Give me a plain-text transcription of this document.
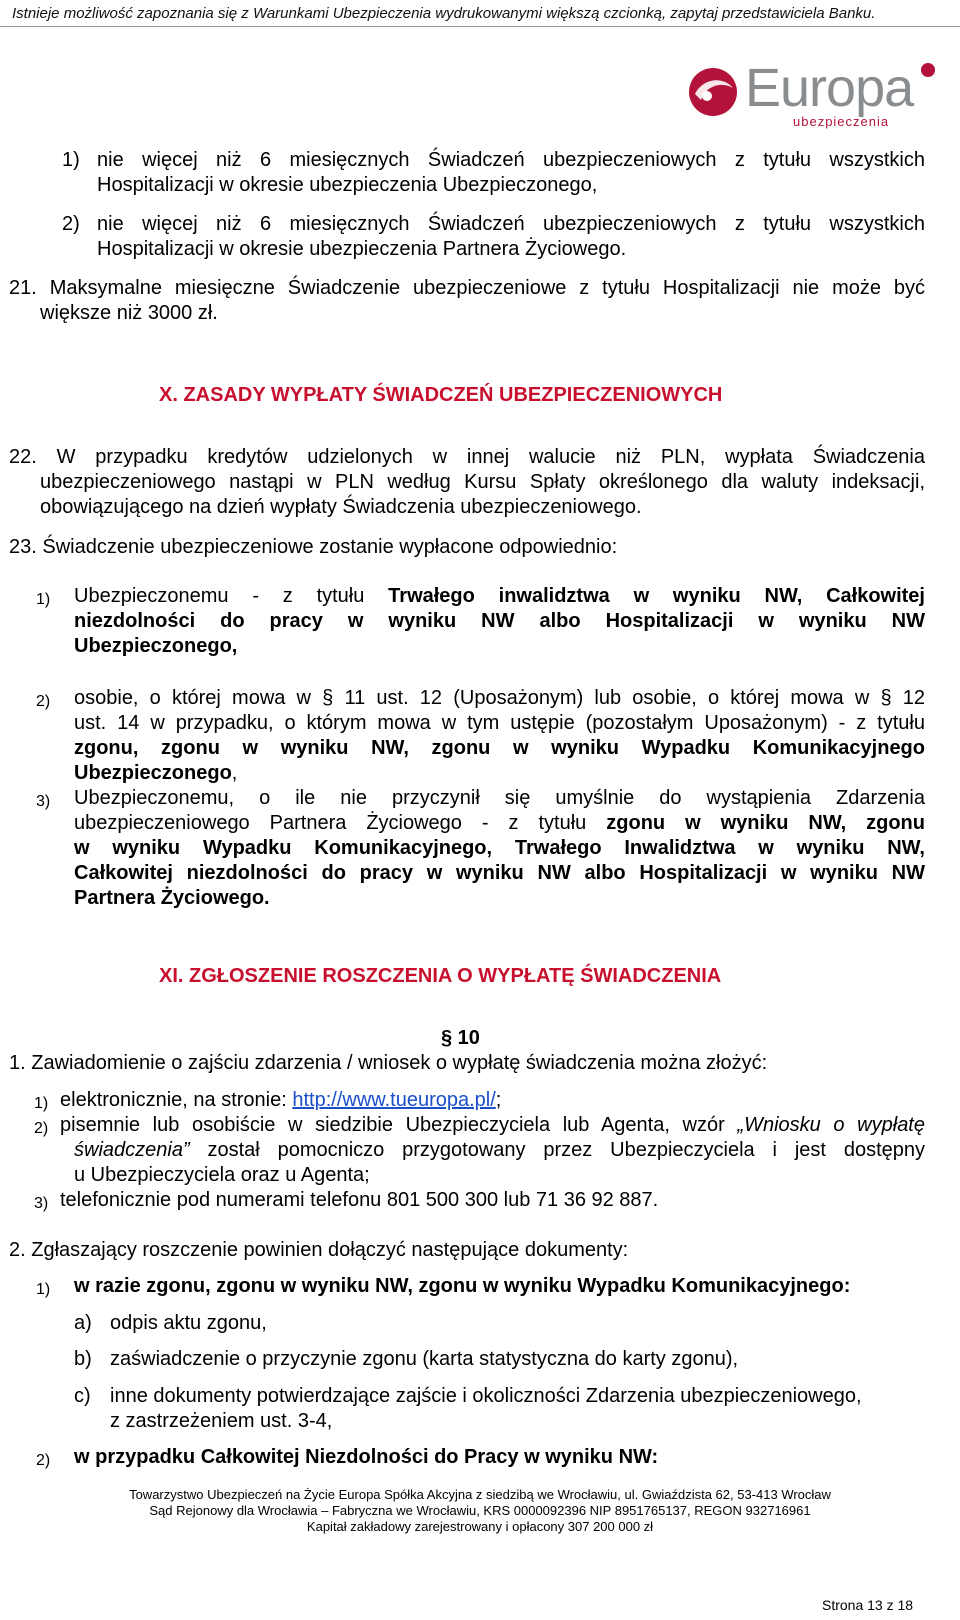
Istnieje możliwość zapoznania się z Warunkami Ubezpieczenia wydrukowanymi większą czcionką, zapytaj przedstawiciela Banku.
Europa
ubezpieczenia
1) nie więcej niż 6 miesięcznych Świadczeń ubezpieczeniowych z tytułu wszystkich
Hospitalizacji w okresie ubezpieczenia Ubezpieczonego,
2) nie więcej niż 6 miesięcznych Świadczeń ubezpieczeniowych z tytułu wszystkich
Hospitalizacji w okresie ubezpieczenia Partnera Życiowego.
21. Maksymalne miesięczne Świadczenie ubezpieczeniowe z tytułu Hospitalizacji nie może być
większe niż 3000 zł.
X. ZASADY WYPŁATY ŚWIADCZEŃ UBEZPIECZENIOWYCH
22. W przypadku kredytów udzielonych w innej walucie niż PLN, wypłata Świadczenia
ubezpieczeniowego nastąpi w PLN według Kursu Spłaty określonego dla waluty indeksacji,
obowiązującego na dzień wypłaty Świadczenia ubezpieczeniowego.
23. Świadczenie ubezpieczeniowe zostanie wypłacone odpowiednio:
1) Ubezpieczonemu - z tytułu Trwałego inwalidztwa w wyniku NW, Całkowitej
niezdolności do pracy w wyniku NW albo Hospitalizacji w wyniku NW
Ubezpieczonego,
2) osobie, o której mowa w § 11 ust. 12 (Uposażonym) lub osobie, o której mowa w § 12
ust. 14 w przypadku, o którym mowa w tym ustępie (pozostałym Uposażonym) - z tytułu
zgonu, zgonu w wyniku NW, zgonu w wyniku Wypadku Komunikacyjnego
Ubezpieczonego,
3) Ubezpieczonemu, o ile nie przyczynił się umyślnie do wystąpienia Zdarzenia
ubezpieczeniowego Partnera Życiowego - z tytułu zgonu w wyniku NW, zgonu
w wyniku Wypadku Komunikacyjnego, Trwałego Inwalidztwa w wyniku NW,
Całkowitej niezdolności do pracy w wyniku NW albo Hospitalizacji w wyniku NW
Partnera Życiowego.
XI. ZGŁOSZENIE ROSZCZENIA O WYPŁATĘ ŚWIADCZENIA
§ 10
1. Zawiadomienie o zajściu zdarzenia / wniosek o wypłatę świadczenia można złożyć:
1) elektronicznie, na stronie: http://www.tueuropa.pl/;
2) pisemnie lub osobiście w siedzibie Ubezpieczyciela lub Agenta, wzór „Wniosku o wypłatę
świadczenia” został pomocniczo przygotowany przez Ubezpieczyciela i jest dostępny
u Ubezpieczyciela oraz u Agenta;
3) telefonicznie pod numerami telefonu 801 500 300 lub 71 36 92 887.
2. Zgłaszający roszczenie powinien dołączyć następujące dokumenty:
1) w razie zgonu, zgonu w wyniku NW, zgonu w wyniku Wypadku Komunikacyjnego:
a) odpis aktu zgonu,
b) zaświadczenie o przyczynie zgonu (karta statystyczna do karty zgonu),
c) inne dokumenty potwierdzające zajście i okoliczności Zdarzenia ubezpieczeniowego,
z zastrzeżeniem ust. 3-4,
2) w przypadku Całkowitej Niezdolności do Pracy w wyniku NW:
Towarzystwo Ubezpieczeń na Życie Europa Spółka Akcyjna z siedzibą we Wrocławiu, ul. Gwiaździsta 62, 53-413 Wrocław
Sąd Rejonowy dla Wrocławia – Fabryczna we Wrocławiu, KRS 0000092396 NIP 8951765137, REGON 932716961
Kapitał zakładowy zarejestrowany i opłacony 307 200 000 zł
Strona 13 z 18
